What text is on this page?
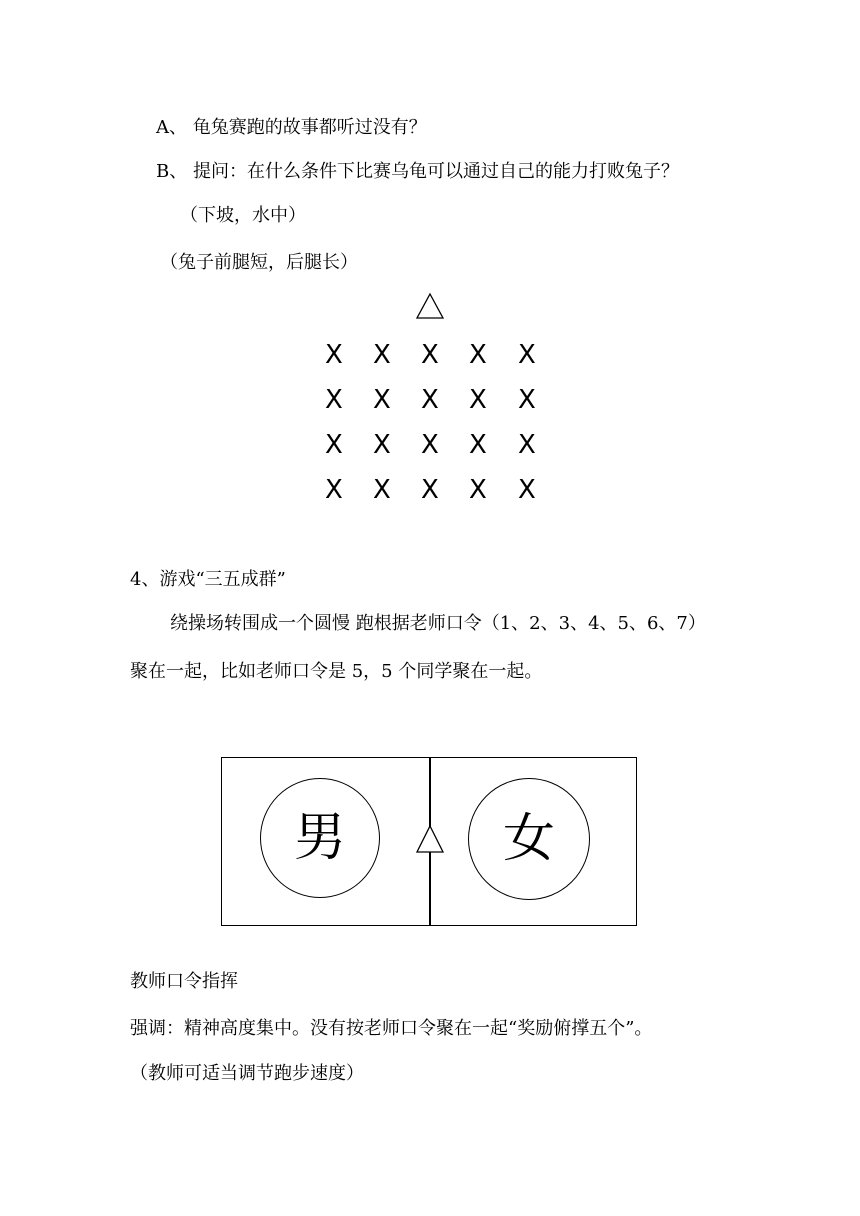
A、 龟兔赛跑的故事都听过没有？
B、 提问：在什么条件下比赛乌龟可以通过自己的能力打败兔子？
（下坡，水中）
（兔子前腿短，后腿长）
X X X X X
X X X X X
X X X X X
X X X X X
4、游戏“三五成群”
绕操场转围成一个圆慢 跑根据老师口令（1、2、3、4、5、6、7）
聚在一起，比如老师口令是 5，5 个同学聚在一起。
男	女
教师口令指挥
强调：精神高度集中。没有按老师口令聚在一起“奖励俯撑五个”。
（教师可适当调节跑步速度）
